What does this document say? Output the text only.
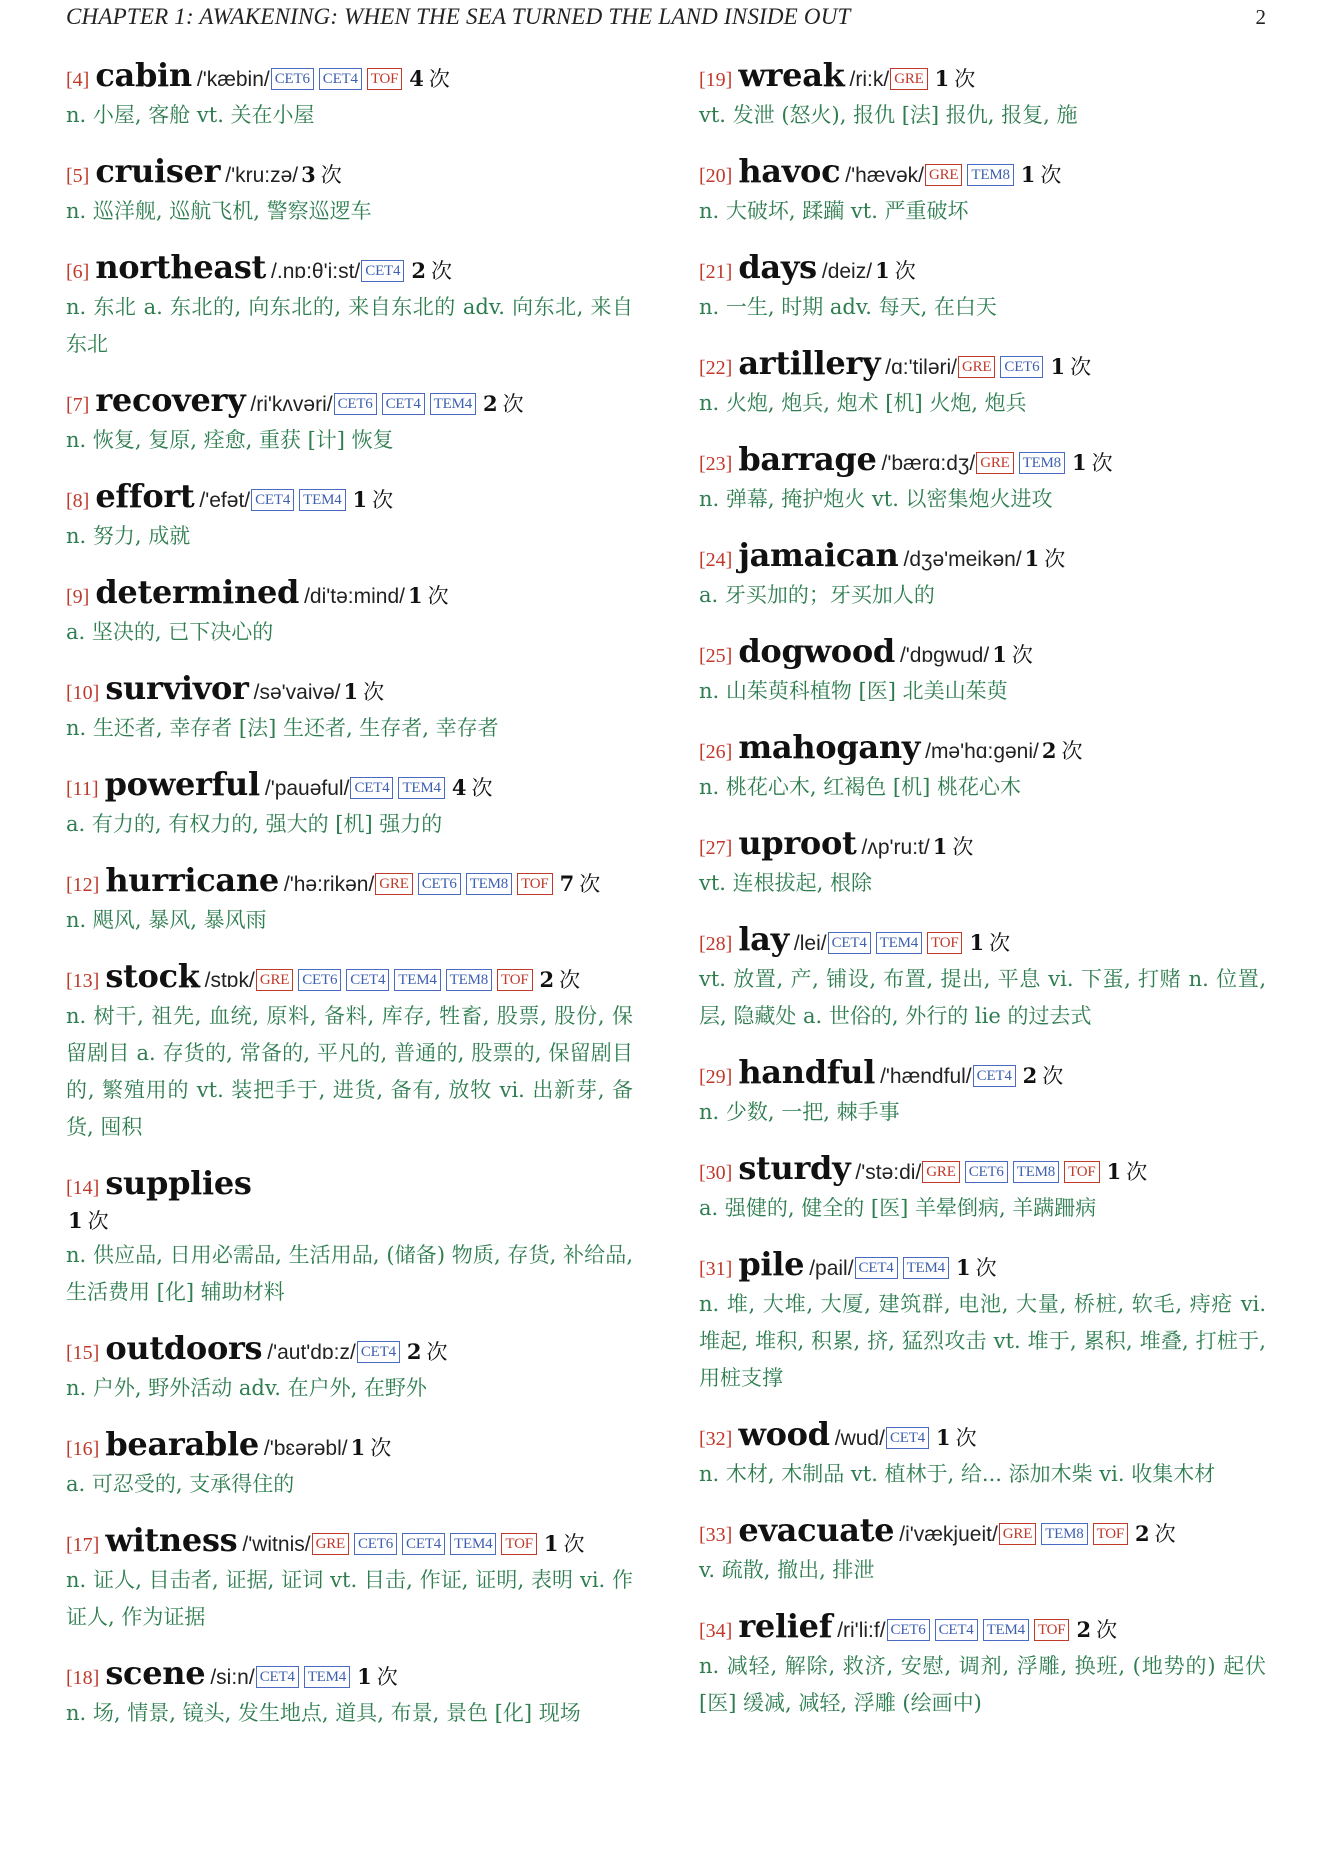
CHAPTER 1: AWAKENING: WHEN THE SEA TURNED THE LAND INSIDE OUT	2
[4] cabin /'kæbin/ CET6 CET4 TOF 4 次
n. 小屋, 客舱 vt. 关在小屋
[5] cruiser /'kru:zə/ 3 次
n. 巡洋舰, 巡航飞机, 警察巡逻车
[6] northeast /.nɒ:θ'i:st/ CET4 2 次
n. 东北 a. 东北的, 向东北的, 来自东北的 adv. 向东北, 来自东北
[7] recovery /ri'kʌvəri/ CET6 CET4 TEM4 2 次
n. 恢复, 复原, 痊愈, 重获 [计] 恢复
[8] effort /'efət/ CET4 TEM4 1 次
n. 努力, 成就
[9] determined /di'tə:mind/ 1 次
a. 坚决的, 已下决心的
[10] survivor /sə'vaivə/ 1 次
n. 生还者, 幸存者 [法] 生还者, 生存者, 幸存者
[11] powerful /'pauəful/ CET4 TEM4 4 次
a. 有力的, 有权力的, 强大的 [机] 强力的
[12] hurricane /'hə:rikən/ GRE CET6 TEM8 TOF 7 次
n. 飓风, 暴风, 暴风雨
[13] stock /stɒk/ GRE CET6 CET4 TEM4 TEM8 TOF 2 次
n. 树干, 祖先, 血统, 原料, 备料, 库存, 牲畜, 股票, 股份, 保留剧目 a. 存货的, 常备的, 平凡的, 普通的, 股票的, 保留剧目的, 繁殖用的 vt. 装把手于, 进货, 备有, 放牧 vi. 出新芽, 备货, 囤积
[14] supplies
1 次
n. 供应品, 日用必需品, 生活用品, (储备) 物质, 存货, 补给品, 生活费用 [化] 辅助材料
[15] outdoors /'aut'dɒ:z/ CET4 2 次
n. 户外, 野外活动 adv. 在户外, 在野外
[16] bearable /'bɛərəbl/ 1 次
a. 可忍受的, 支承得住的
[17] witness /'witnis/ GRE CET6 CET4 TEM4 TOF 1 次
n. 证人, 目击者, 证据, 证词 vt. 目击, 作证, 证明, 表明 vi. 作证人, 作为证据
[18] scene /si:n/ CET4 TEM4 1 次
n. 场, 情景, 镜头, 发生地点, 道具, 布景, 景色 [化] 现场
[19] wreak /ri:k/ GRE 1 次
vt. 发泄 (怒火), 报仇 [法] 报仇, 报复, 施
[20] havoc /'hævək/ GRE TEM8 1 次
n. 大破坏, 蹂躏 vt. 严重破坏
[21] days /deiz/ 1 次
n. 一生, 时期 adv. 每天, 在白天
[22] artillery /ɑ:'tiləri/ GRE CET6 1 次
n. 火炮, 炮兵, 炮术 [机] 火炮, 炮兵
[23] barrage /'bærɑ:dʒ/ GRE TEM8 1 次
n. 弹幕, 掩护炮火 vt. 以密集炮火进攻
[24] jamaican /dʒə'meikən/ 1 次
a. 牙买加的；牙买加人的
[25] dogwood /'dɒgwud/ 1 次
n. 山茱萸科植物 [医] 北美山茱萸
[26] mahogany /mə'hɑ:gəni/ 2 次
n. 桃花心木, 红褐色 [机] 桃花心木
[27] uproot /ʌp'ru:t/ 1 次
vt. 连根拔起, 根除
[28] lay /lei/ CET4 TEM4 TOF 1 次
vt. 放置, 产, 铺设, 布置, 提出, 平息 vi. 下蛋, 打赌 n. 位置, 层, 隐藏处 a. 世俗的, 外行的 lie 的过去式
[29] handful /'hændful/ CET4 2 次
n. 少数, 一把, 棘手事
[30] sturdy /'stə:di/ GRE CET6 TEM8 TOF 1 次
a. 强健的, 健全的 [医] 羊晕倒病, 羊蹒跚病
[31] pile /pail/ CET4 TEM4 1 次
n. 堆, 大堆, 大厦, 建筑群, 电池, 大量, 桥桩, 软毛, 痔疮 vi. 堆起, 堆积, 积累, 挤, 猛烈攻击 vt. 堆于, 累积, 堆叠, 打桩于, 用桩支撑
[32] wood /wud/ CET4 1 次
n. 木材, 木制品 vt. 植林于, 给... 添加木柴 vi. 收集木材
[33] evacuate /i'vækjueit/ GRE TEM8 TOF 2 次
v. 疏散, 撤出, 排泄
[34] relief /ri'li:f/ CET6 CET4 TEM4 TOF 2 次
n. 减轻, 解除, 救济, 安慰, 调剂, 浮雕, 换班, (地势的) 起伏 [医] 缓减, 减轻, 浮雕 (绘画中)
